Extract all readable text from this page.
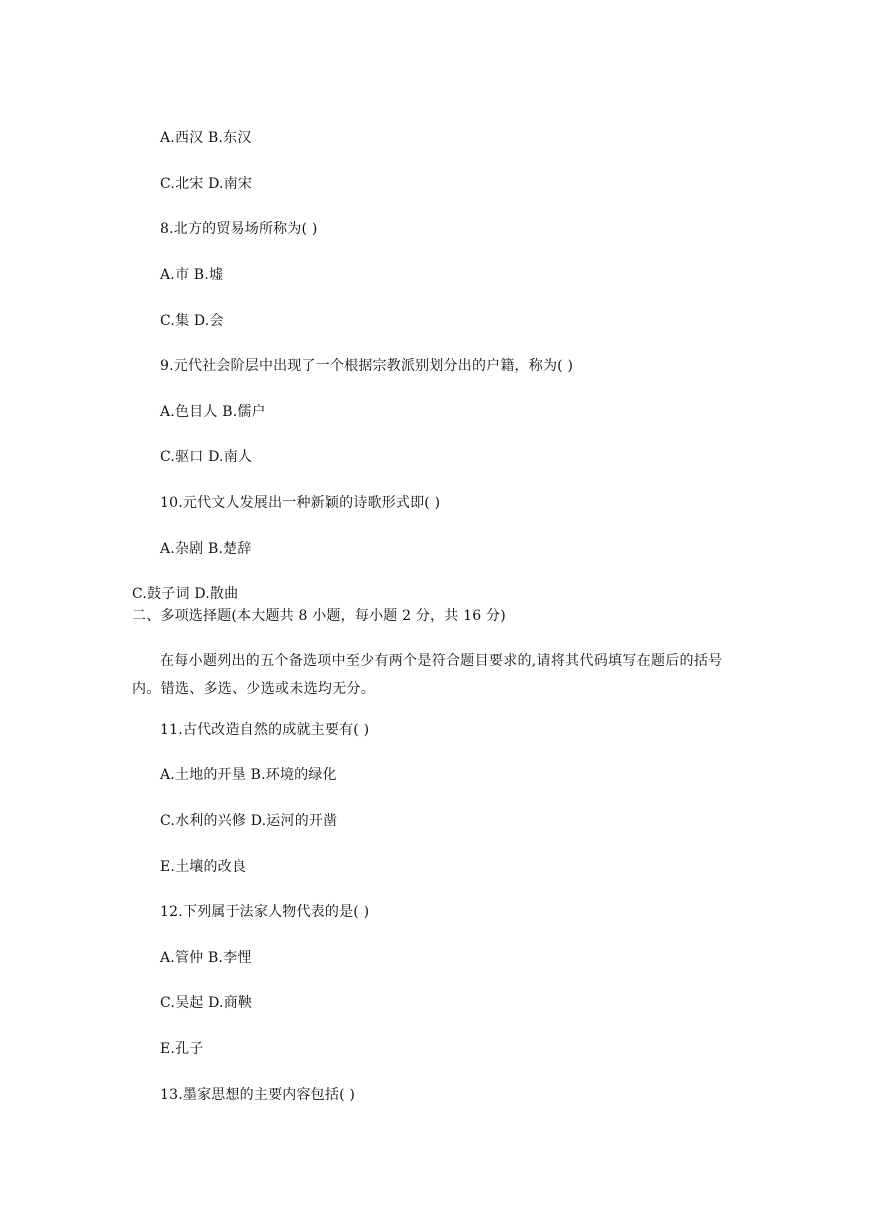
A.西汉 B.东汉
C.北宋 D.南宋
8.北方的贸易场所称为( )
A.市 B.墟
C.集 D.会
9.元代社会阶层中出现了一个根据宗教派别划分出的户籍，称为( )
A.色目人 B.儒户
C.驱口 D.南人
10.元代文人发展出一种新颖的诗歌形式即( )
A.杂剧 B.楚辞
C.鼓子词 D.散曲
二、多项选择题(本大题共 8 小题，每小题 2 分，共 16 分)
在每小题列出的五个备选项中至少有两个是符合题目要求的,请将其代码填写在题后的括号内。错选、多选、少选或未选均无分。
11.古代改造自然的成就主要有( )
A.土地的开垦 B.环境的绿化
C.水利的兴修 D.运河的开凿
E.土壤的改良
12.下列属于法家人物代表的是( )
A.管仲 B.李悝
C.吴起 D.商鞅
E.孔子
13.墨家思想的主要内容包括( )
